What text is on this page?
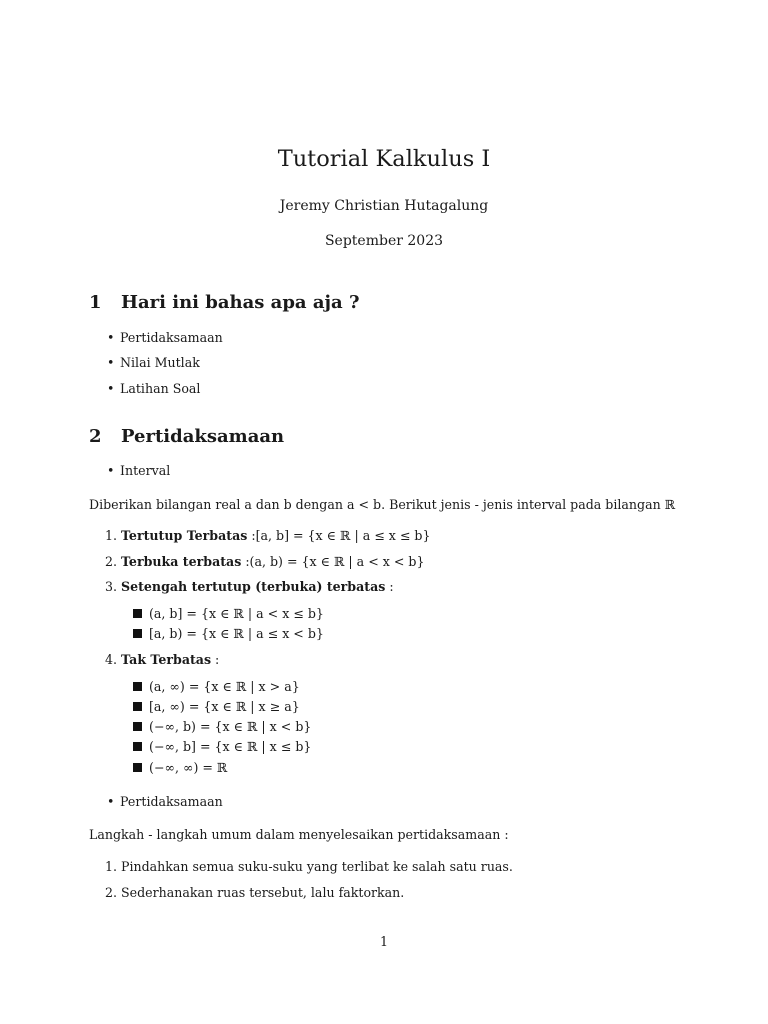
Tutorial Kalkulus I
Jeremy Christian Hutagalung
September 2023
1 Hari ini bahas apa aja ?
• Pertidaksamaan
• Nilai Mutlak
• Latihan Soal
2 Pertidaksamaan
• Interval
Diberikan bilangan real a dan b dengan a < b. Berikut jenis - jenis interval pada bilangan ℝ
1. Tertutup Terbatas :[a, b] = {x ∈ ℝ | a ≤ x ≤ b}
2. Terbuka terbatas :(a, b) = {x ∈ ℝ | a < x < b}
3. Setengah tertutup (terbuka) terbatas :
(a, b] = {x ∈ ℝ | a < x ≤ b}
[a, b) = {x ∈ ℝ | a ≤ x < b}
4. Tak Terbatas :
(a, ∞) = {x ∈ ℝ | x > a}
[a, ∞) = {x ∈ ℝ | x ≥ a}
(−∞, b) = {x ∈ ℝ | x < b}
(−∞, b] = {x ∈ ℝ | x ≤ b}
(−∞, ∞) = ℝ
• Pertidaksamaan
Langkah - langkah umum dalam menyelesaikan pertidaksamaan :
1. Pindahkan semua suku-suku yang terlibat ke salah satu ruas.
2. Sederhanakan ruas tersebut, lalu faktorkan.
1
